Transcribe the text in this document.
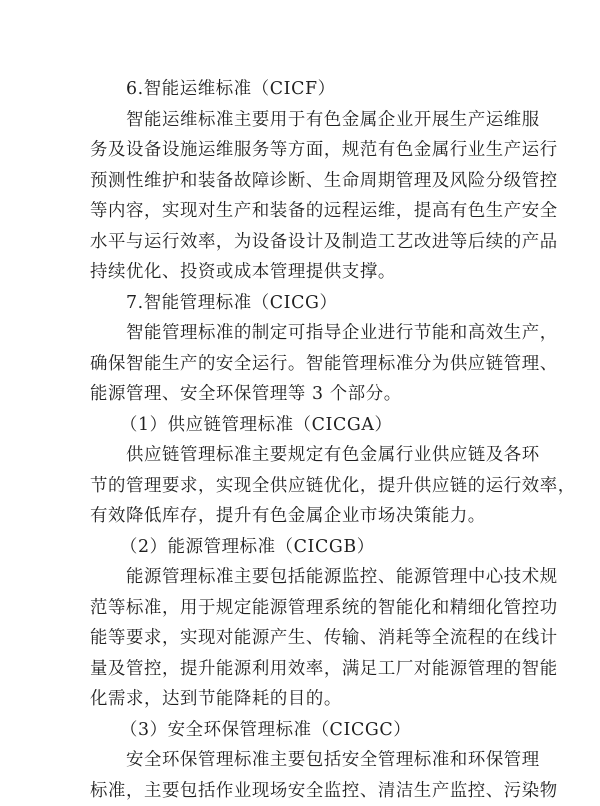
6.智能运维标准（CICF）
智能运维标准主要用于有色金属企业开展生产运维服
务及设备设施运维服务等方面，规范有色金属行业生产运行
预测性维护和装备故障诊断、生命周期管理及风险分级管控
等内容，实现对生产和装备的远程运维，提高有色生产安全
水平与运行效率，为设备设计及制造工艺改进等后续的产品
持续优化、投资或成本管理提供支撑。
7.智能管理标准（CICG）
智能管理标准的制定可指导企业进行节能和高效生产，
确保智能生产的安全运行。智能管理标准分为供应链管理、
能源管理、安全环保管理等 3 个部分。
（1）供应链管理标准（CICGA）
供应链管理标准主要规定有色金属行业供应链及各环
节的管理要求，实现全供应链优化，提升供应链的运行效率，
有效降低库存，提升有色金属企业市场决策能力。
（2）能源管理标准（CICGB）
能源管理标准主要包括能源监控、能源管理中心技术规
范等标准，用于规定能源管理系统的智能化和精细化管控功
能等要求，实现对能源产生、传输、消耗等全流程的在线计
量及管控，提升能源利用效率，满足工厂对能源管理的智能
化需求，达到节能降耗的目的。
（3）安全环保管理标准（CICGC）
安全环保管理标准主要包括安全管理标准和环保管理
标准，主要包括作业现场安全监控、清洁生产监控、污染物
